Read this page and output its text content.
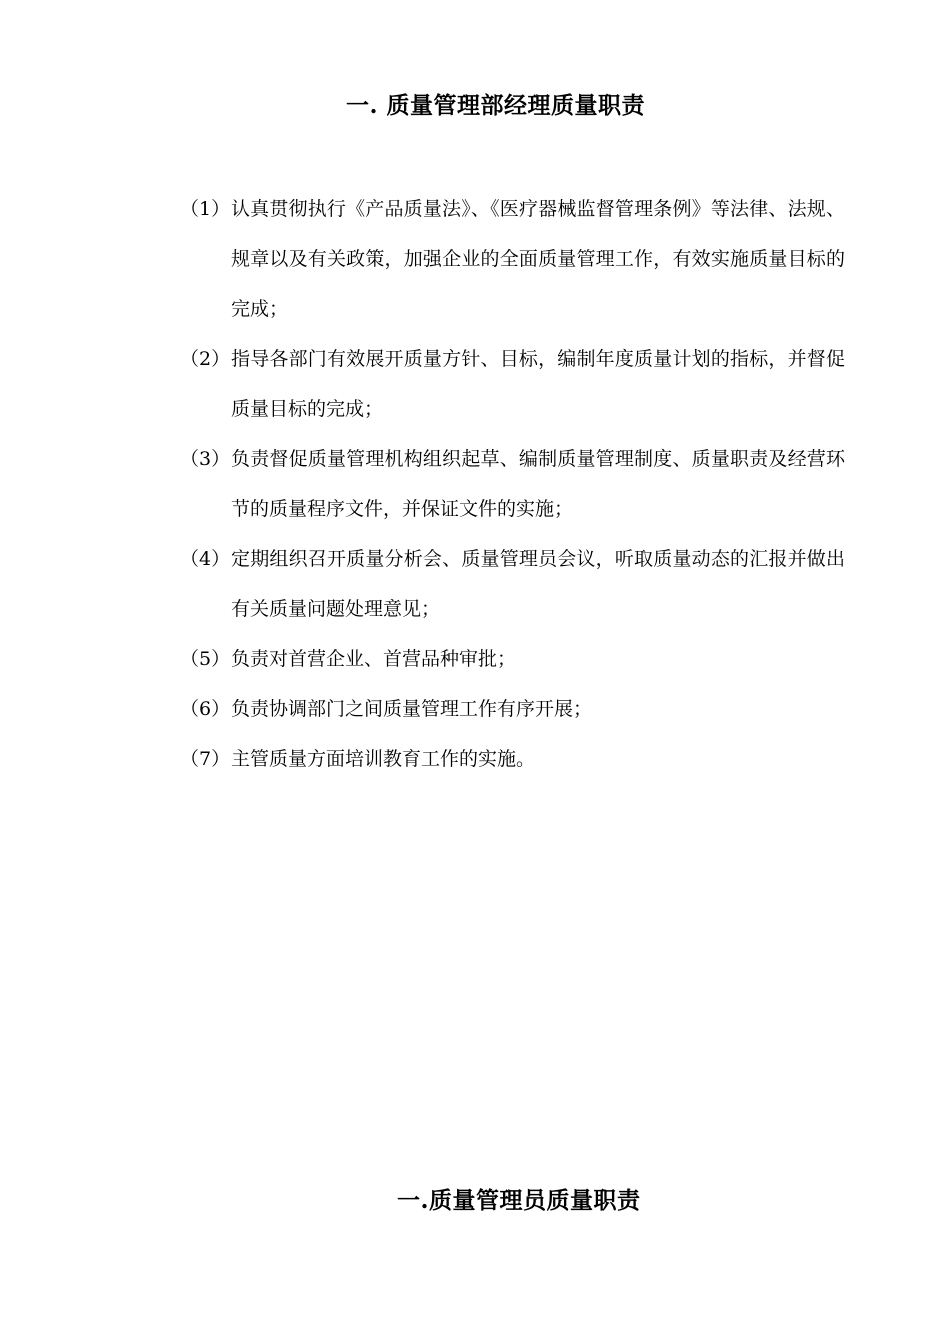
一. 质量管理部经理质量职责
（1） 认真贯彻执行《产品质量法》、《医疗器械监督管理条例》等法律、法规、规章以及有关政策，加强企业的全面质量管理工作，有效实施质量目标的完成；
（2） 指导各部门有效展开质量方针、目标，编制年度质量计划的指标，并督促质量目标的完成；
（3） 负责督促质量管理机构组织起草、编制质量管理制度、质量职责及经营环节的质量程序文件，并保证文件的实施；
（4） 定期组织召开质量分析会、质量管理员会议，听取质量动态的汇报并做出有关质量问题处理意见；
（5） 负责对首营企业、首营品种审批；
（6） 负责协调部门之间质量管理工作有序开展；
（7） 主管质量方面培训教育工作的实施。
一.质量管理员质量职责
